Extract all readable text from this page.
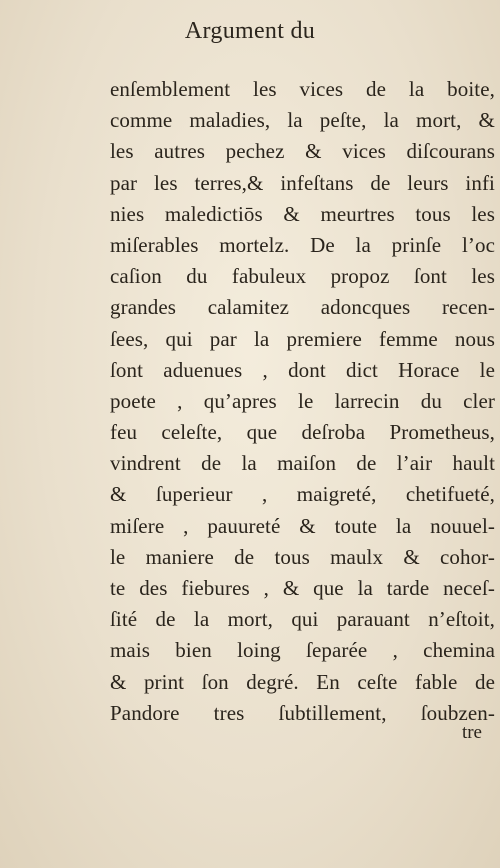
Argument du
enſemblement les vices de la boite,
comme maladies, la peſte, la mort, &
les autres pechez & vices diſcourans
par les terres,& infeſtans de leurs infi
nies maledictiōs & meurtres tous les
miſerables mortelz. De la prinſe l’oc
caſion du fabuleux propoz ſont les
grandes calamitez adoncques recen-
ſees, qui par la premiere femme nous
ſont aduenues , dont dict Horace le
poete , qu’apres le larrecin du cler
feu celeſte, que deſroba Prometheus,
vindrent de la maiſon de l’air hault
& ſuperieur , maigreté, chetifueté,
miſere , pauureté & toute la nouuel-
le maniere de tous maulx & cohor-
te des fiebures , & que la tarde neceſ-
ſité de la mort, qui parauant n’eſtoit,
mais bien loing ſeparée , chemina
& print ſon degré. En ceſte fable de
Pandore tres ſubtillement, ſoubzen-
tre
